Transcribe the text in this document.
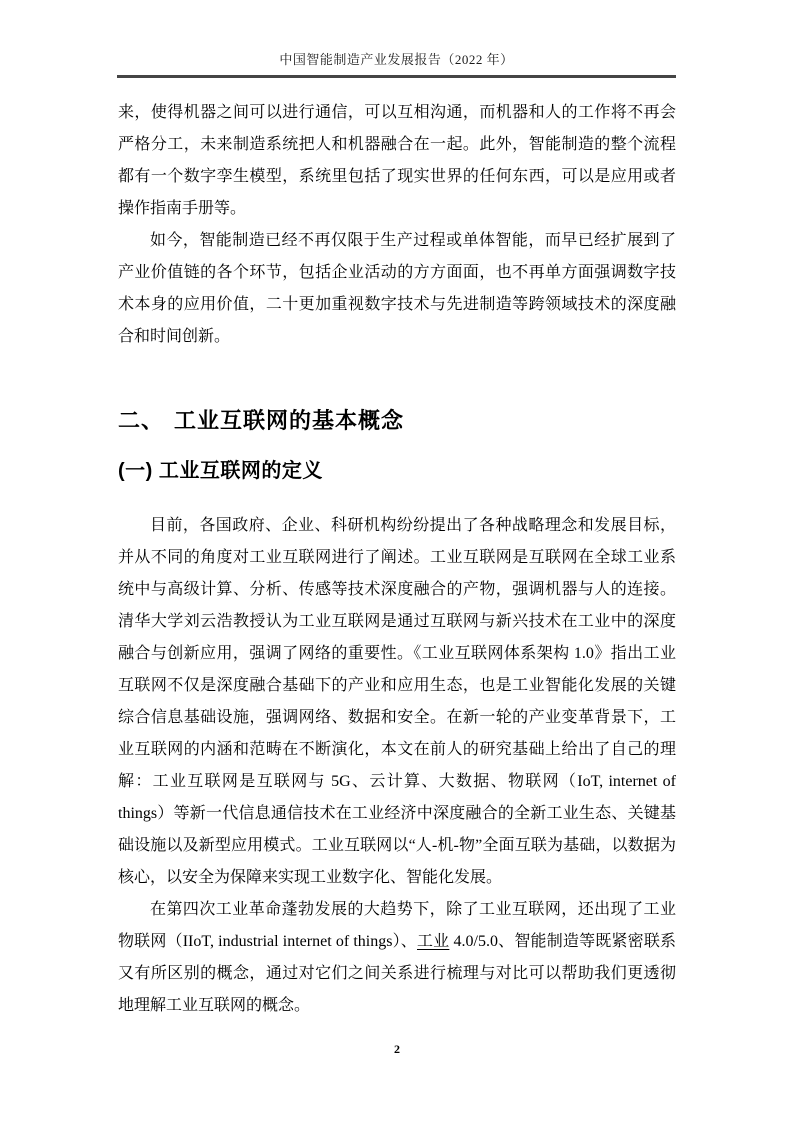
中国智能制造产业发展报告（2022 年）

来，使得机器之间可以进行通信，可以互相沟通，而机器和人的工作将不再会严格分工，未来制造系统把人和机器融合在一起。此外，智能制造的整个流程都有一个数字孪生模型，系统里包括了现实世界的任何东西，可以是应用或者操作指南手册等。

如今，智能制造已经不再仅限于生产过程或单体智能，而早已经扩展到了产业价值链的各个环节，包括企业活动的方方面面，也不再单方面强调数字技术本身的应用价值，二十更加重视数字技术与先进制造等跨领域技术的深度融合和时间创新。

二、 工业互联网的基本概念
(一) 工业互联网的定义

目前，各国政府、企业、科研机构纷纷提出了各种战略理念和发展目标，并从不同的角度对工业互联网进行了阐述。工业互联网是互联网在全球工业系统中与高级计算、分析、传感等技术深度融合的产物，强调机器与人的连接。清华大学刘云浩教授认为工业互联网是通过互联网与新兴技术在工业中的深度融合与创新应用，强调了网络的重要性。《工业互联网体系架构 1.0》指出工业互联网不仅是深度融合基础下的产业和应用生态，也是工业智能化发展的关键综合信息基础设施，强调网络、数据和安全。在新一轮的产业变革背景下，工业互联网的内涵和范畴在不断演化，本文在前人的研究基础上给出了自己的理解：工业互联网是互联网与 5G、云计算、大数据、物联网（IoT, internet of things）等新一代信息通信技术在工业经济中深度融合的全新工业生态、关键基础设施以及新型应用模式。工业互联网以“人-机-物”全面互联为基础，以数据为核心，以安全为保障来实现工业数字化、智能化发展。

在第四次工业革命蓬勃发展的大趋势下，除了工业互联网，还出现了工业物联网（IIoT, industrial internet of things）、工业 4.0/5.0、智能制造等既紧密联系又有所区别的概念，通过对它们之间关系进行梳理与对比可以帮助我们更透彻地理解工业互联网的概念。

2
